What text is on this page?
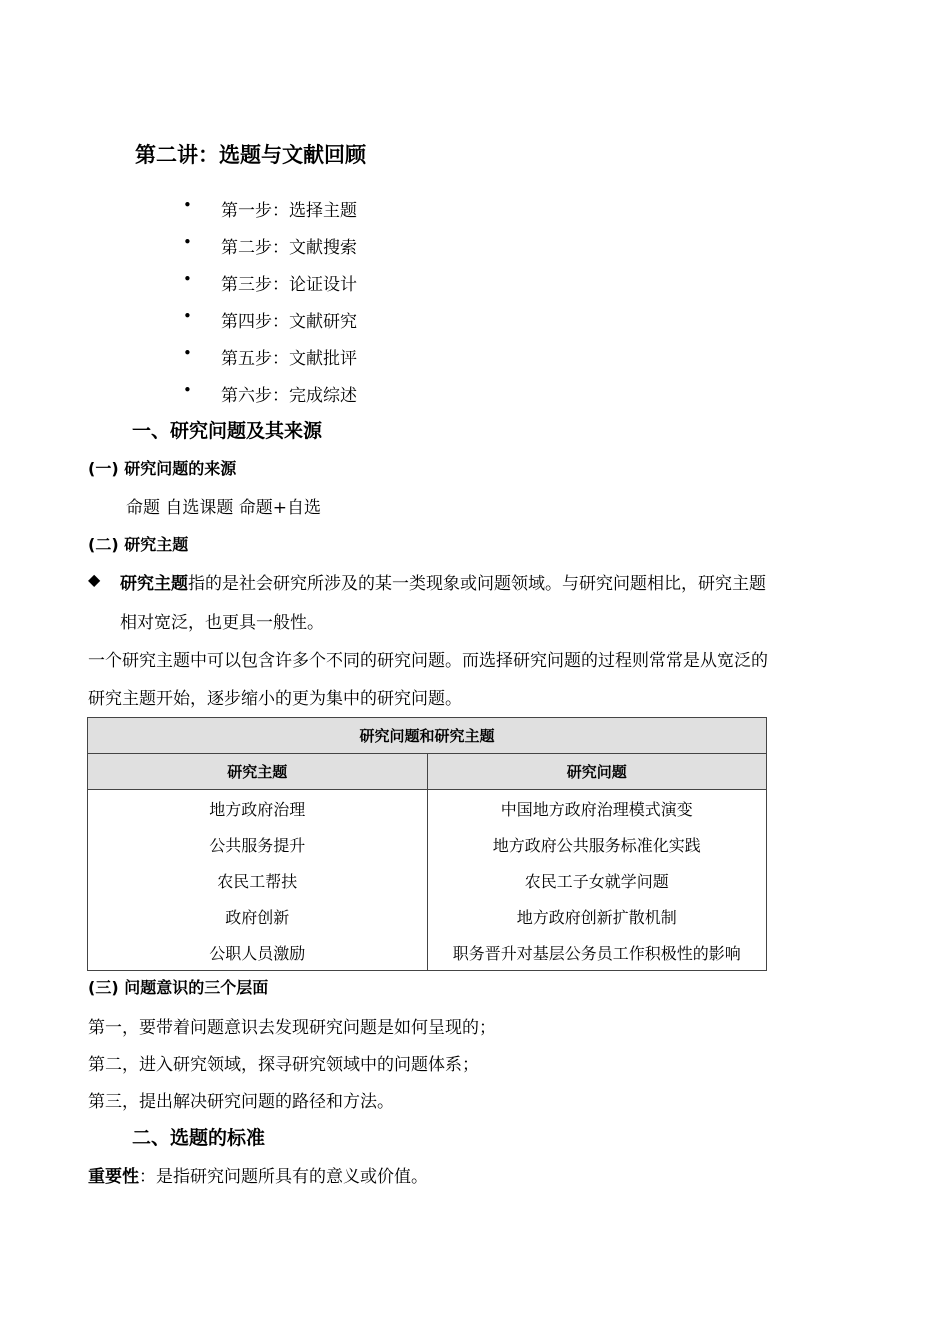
第二讲：选题与文献回顾
• 第一步：选择主题
• 第二步：文献搜索
• 第三步：论证设计
• 第四步：文献研究
• 第五步：文献批评
• 第六步：完成综述
一、研究问题及其来源
(一) 研究问题的来源
命题 自选课题 命题+自选
(二) 研究主题
◆ 研究主题指的是社会研究所涉及的某一类现象或问题领域。与研究问题相比，研究主题
相对宽泛，也更具一般性。
一个研究主题中可以包含许多个不同的研究问题。而选择研究问题的过程则常常是从宽泛的
研究主题开始，逐步缩小的更为集中的研究问题。
研究问题和研究主题	
研究主题	研究问题
地方政府治理	中国地方政府治理模式演变
公共服务提升	地方政府公共服务标准化实践
农民工帮扶	农民工子女就学问题
政府创新	地方政府创新扩散机制
公职人员激励	职务晋升对基层公务员工作积极性的影响
(三) 问题意识的三个层面
第一，要带着问题意识去发现研究问题是如何呈现的；
第二，进入研究领域，探寻研究领域中的问题体系；
第三，提出解决研究问题的路径和方法。
二、选题的标准
重要性：是指研究问题所具有的意义或价值。
